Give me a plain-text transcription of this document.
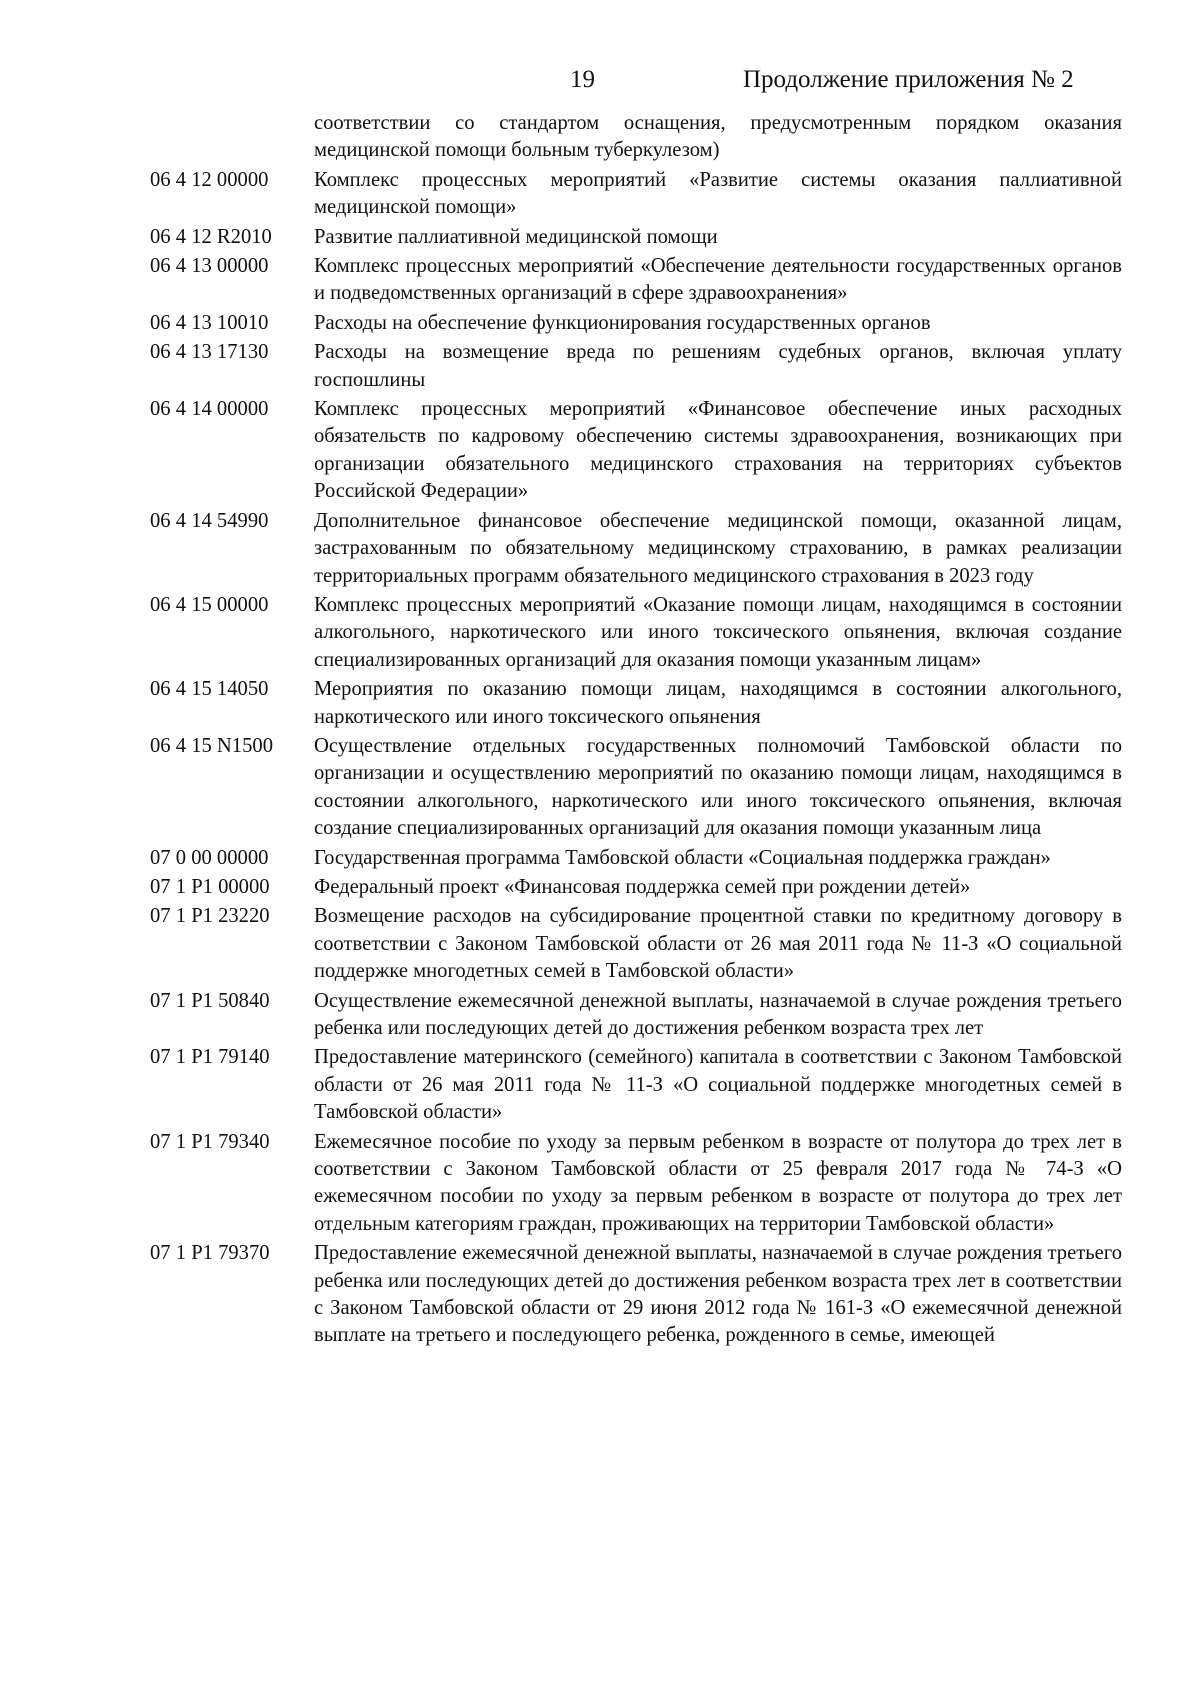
19	Продолжение приложения № 2
соответствии со стандартом оснащения, предусмотренным порядком оказания медицинской помощи больным туберкулезом)
06 4 12 00000	Комплекс процессных мероприятий «Развитие системы оказания паллиативной медицинской помощи»
06 4 12 R2010	Развитие паллиативной медицинской помощи
06 4 13 00000	Комплекс процессных мероприятий «Обеспечение деятельности государственных органов и подведомственных организаций в сфере здравоохранения»
06 4 13 10010	Расходы на обеспечение функционирования государственных органов
06 4 13 17130	Расходы на возмещение вреда по решениям судебных органов, включая уплату госпошлины
06 4 14 00000	Комплекс процессных мероприятий «Финансовое обеспечение иных расходных обязательств по кадровому обеспечению системы здравоохранения, возникающих при организации обязательного медицинского страхования на территориях субъектов Российской Федерации»
06 4 14 54990	Дополнительное финансовое обеспечение медицинской помощи, оказанной лицам, застрахованным по обязательному медицинскому страхованию, в рамках реализации территориальных программ обязательного медицинского страхования в 2023 году
06 4 15 00000	Комплекс процессных мероприятий «Оказание помощи лицам, находящимся в состоянии алкогольного, наркотического или иного токсического опьянения, включая создание специализированных организаций для оказания помощи указанным лицам»
06 4 15 14050	Мероприятия по оказанию помощи лицам, находящимся в состоянии алкогольного, наркотического или иного токсического опьянения
06 4 15 N1500	Осуществление отдельных государственных полномочий Тамбовской области по организации и осуществлению мероприятий по оказанию помощи лицам, находящимся в состоянии алкогольного, наркотического или иного токсического опьянения, включая создание специализированных организаций для оказания помощи указанным лица
07 0 00 00000	Государственная программа Тамбовской области «Социальная поддержка граждан»
07 1 P1 00000	Федеральный проект «Финансовая поддержка семей при рождении детей»
07 1 P1 23220	Возмещение расходов на субсидирование процентной ставки по кредитному договору в соответствии с Законом Тамбовской области от 26 мая 2011 года № 11-З «О социальной поддержке многодетных семей в Тамбовской области»
07 1 P1 50840	Осуществление ежемесячной денежной выплаты, назначаемой в случае рождения третьего ребенка или последующих детей до достижения ребенком возраста трех лет
07 1 P1 79140	Предоставление материнского (семейного) капитала в соответствии с Законом Тамбовской области от 26 мая 2011 года № 11-З «О социальной поддержке многодетных семей в Тамбовской области»
07 1 P1 79340	Ежемесячное пособие по уходу за первым ребенком в возрасте от полутора до трех лет в соответствии с Законом Тамбовской области от 25 февраля 2017 года № 74-З «О ежемесячном пособии по уходу за первым ребенком в возрасте от полутора до трех лет отдельным категориям граждан, проживающих на территории Тамбовской области»
07 1 P1 79370	Предоставление ежемесячной денежной выплаты, назначаемой в случае рождения третьего ребенка или последующих детей до достижения ребенком возраста трех лет в соответствии с Законом Тамбовской области от 29 июня 2012 года № 161-З «О ежемесячной денежной выплате на третьего и последующего ребенка, рожденного в семье, имеющей
